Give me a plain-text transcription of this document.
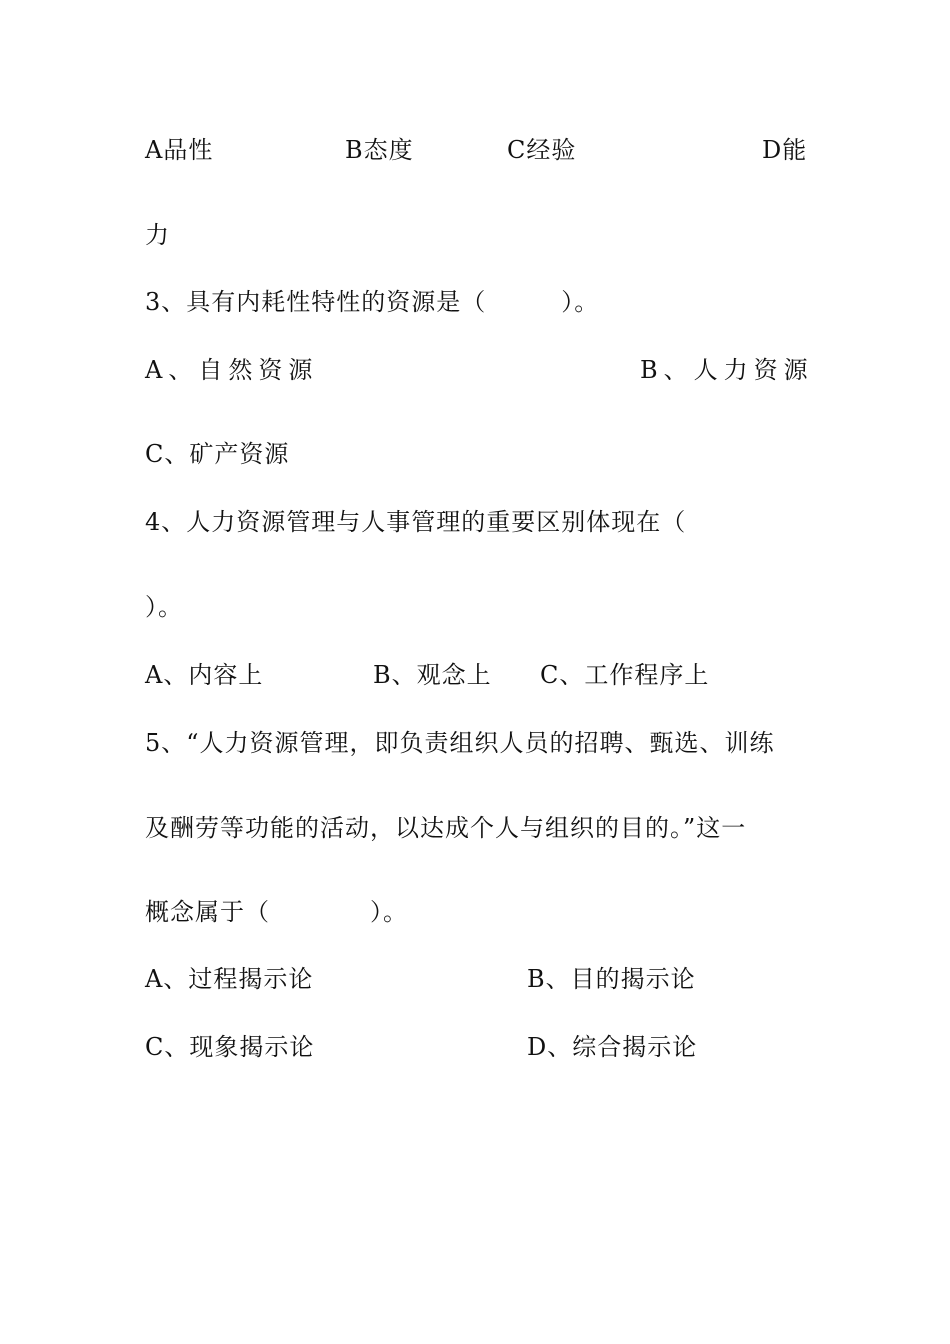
A品性	B态度	C经验	D能
力
3、具有内耗性特性的资源是（　　　）。
A、自然资源	B、人力资源
C、矿产资源
4、人力资源管理与人事管理的重要区别体现在（
）。
A、内容上	B、观念上 C、工作程序上
5、“人力资源管理，即负责组织人员的招聘、甄选、训练
及酬劳等功能的活动，以达成个人与组织的目的。”这一
概念属于（　　　　）。
A、过程揭示论	B、目的揭示论
C、现象揭示论	D、综合揭示论
